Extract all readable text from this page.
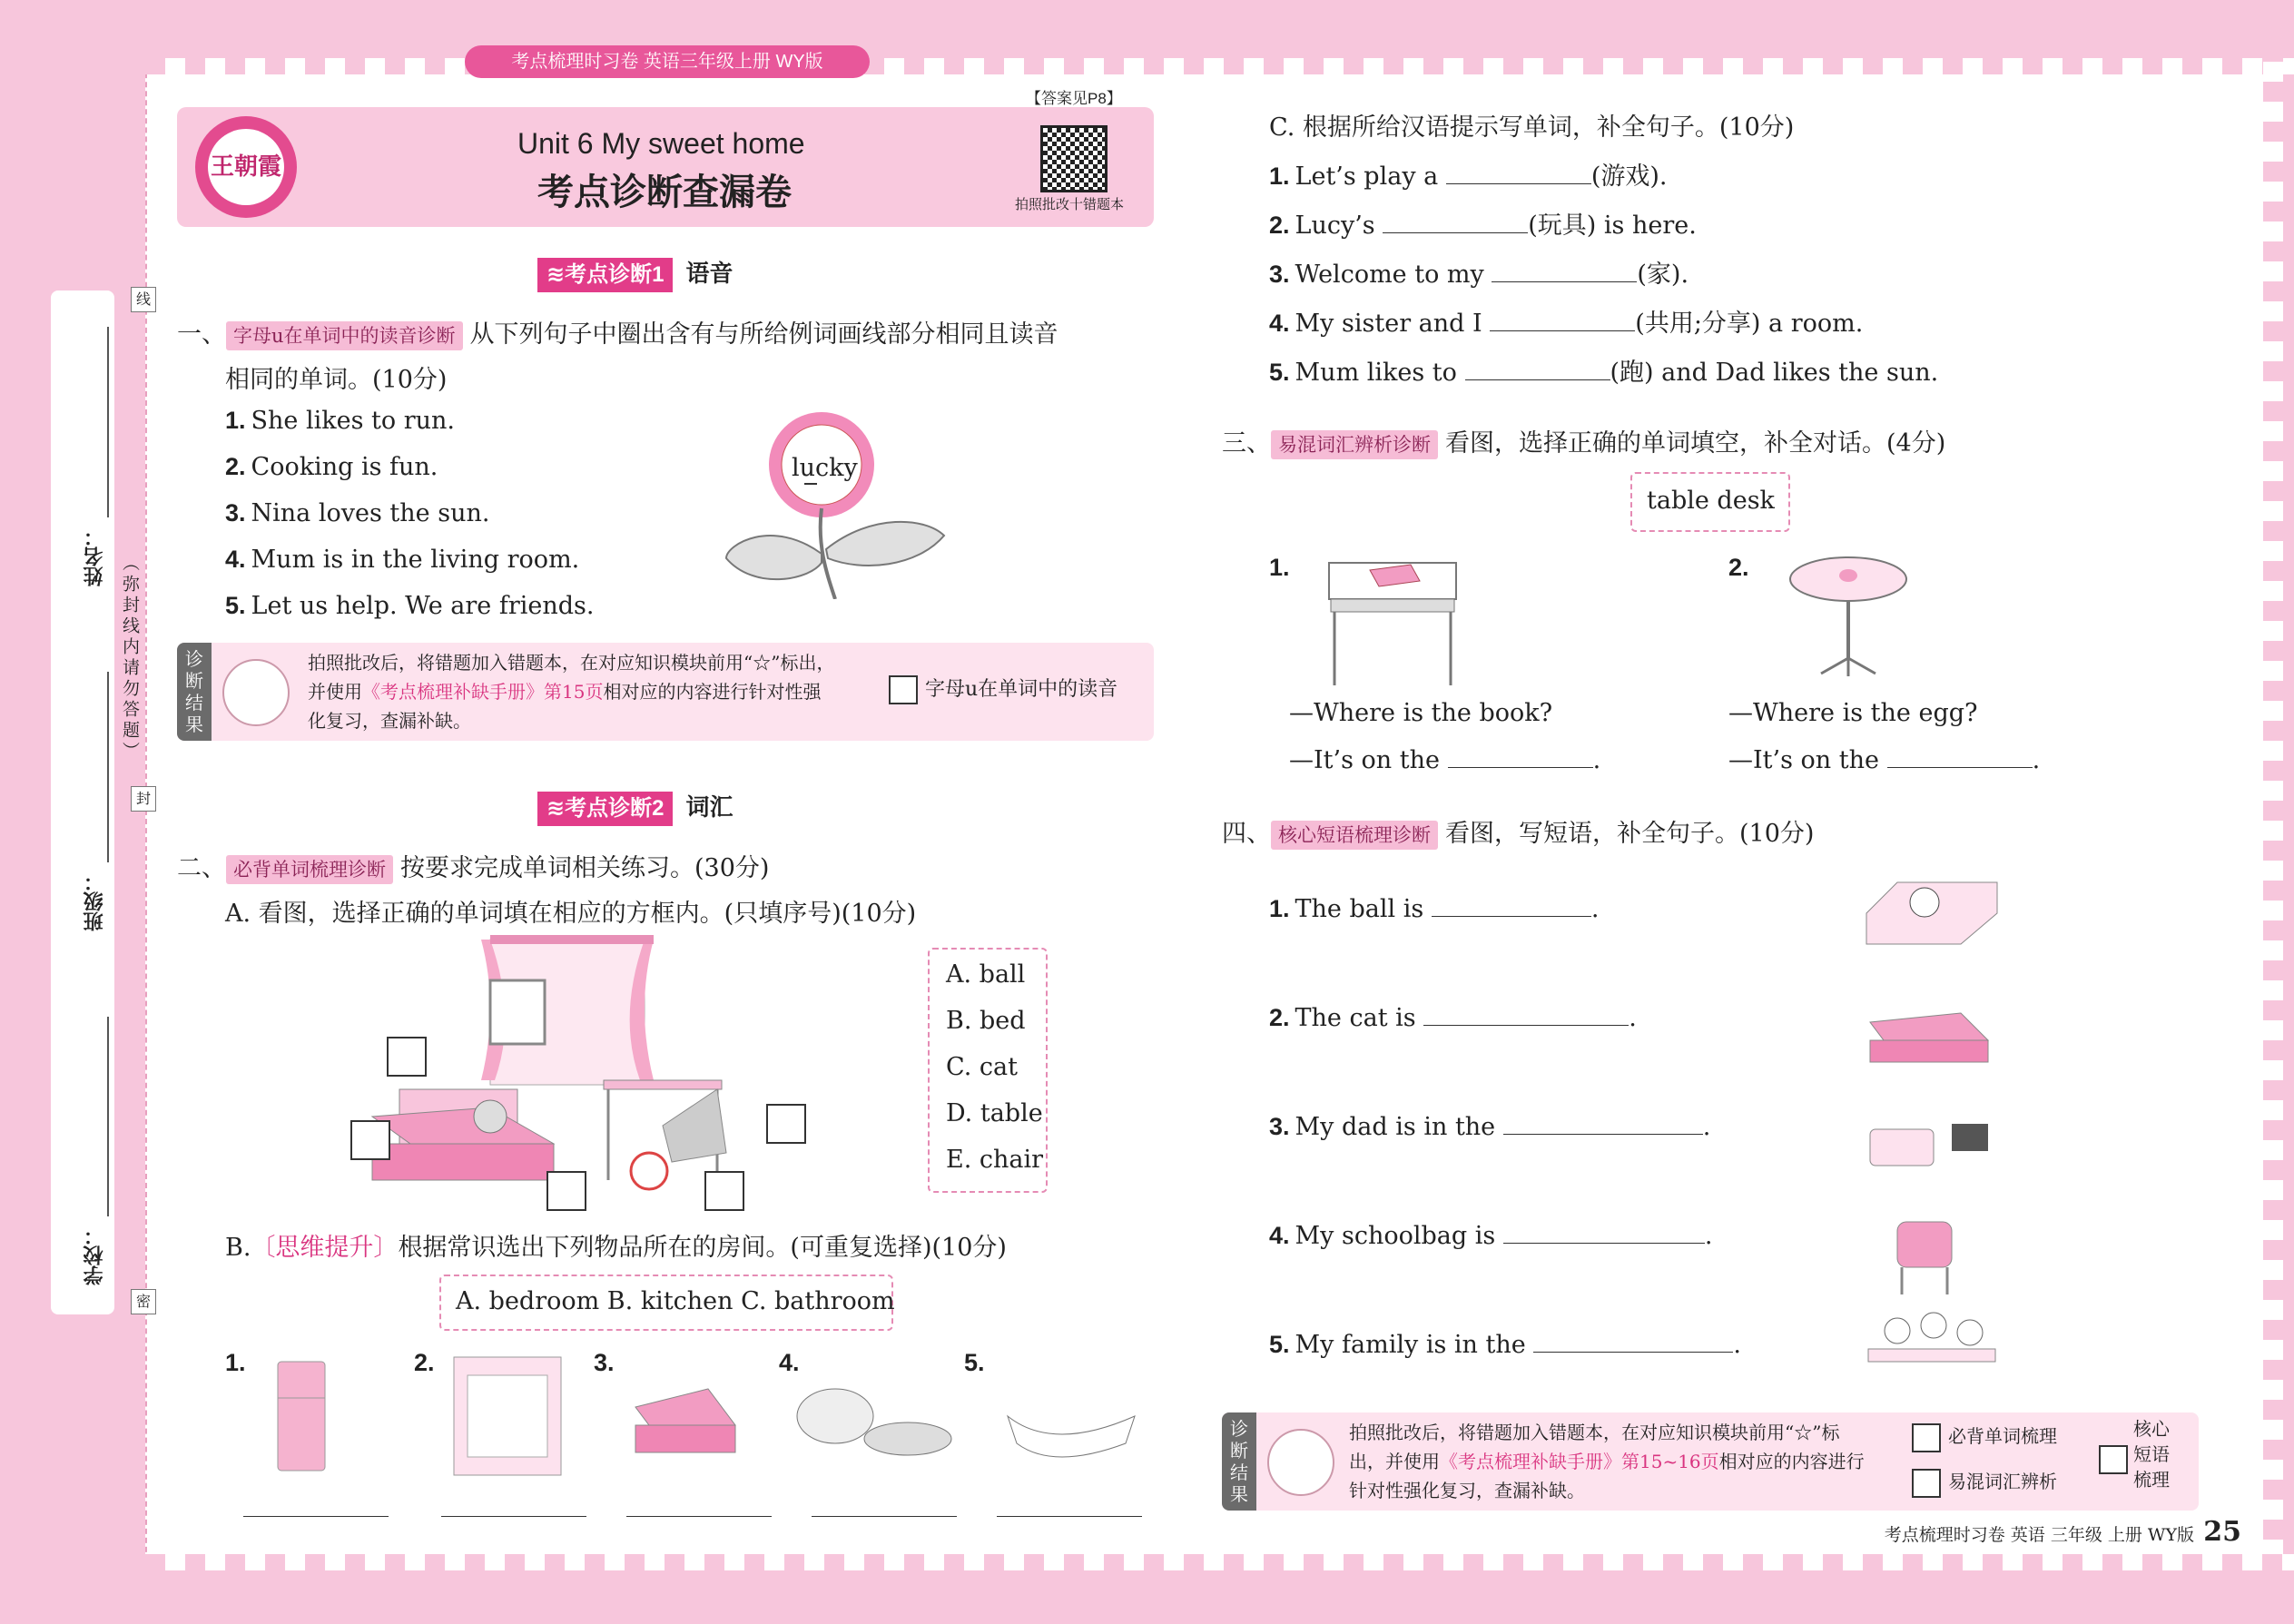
考点梳理时习卷 英语三年级上册 WY版
姓名：
班级：
学校：
线
封
密
（弥封线内请勿答题）
【答案见P8】
王朝霞
Unit 6 My sweet home
考点诊断查漏卷	拍照批改十错题本
≋考点诊断1 语音
一、 字母u在单词中的读音诊断 从下列句子中圈出含有与所给例词画线部分相同且读音
相同的单词。(10分)
1. She likes to run.
2. Cooking is fun.
3. Nina loves the sun.
4. Mum is in the living room.
5. Let us help. We are friends.
lucky
诊断结果
拍照批改后，将错题加入错题本，在对应知识模块前用“☆”标出，
并使用《考点梳理补缺手册》第15页相对应的内容进行针对性强
化复习，查漏补缺。
字母u在单词中的读音
≋考点诊断2 词汇
二、 必背单词梳理诊断 按要求完成单词相关练习。(30分)
A. 看图，选择正确的单词填在相应的方框内。(只填序号)(10分)
A. ball
B. bed
C. cat
D. table
E. chair
B.〔思维提升〕根据常识选出下列物品所在的房间。(可重复选择)(10分)
A. bedroom B. kitchen C. bathroom
1.	2.	3.	4.	5.
C. 根据所给汉语提示写单词，补全句子。(10分)
1. Let’s play a	(游戏).
2. Lucy’s	(玩具) is here.
3. Welcome to my	(家).
4. My sister and I	(共用;分享) a room.
5. Mum likes to	(跑) and Dad likes the sun.
三、 易混词汇辨析诊断 看图，选择正确的单词填空，补全对话。(4分)
table desk
1.	2.
—Where is the book?
—It’s on the	.
—Where is the egg?
—It’s on the	.
四、 核心短语梳理诊断 看图，写短语，补全句子。(10分)
1. The ball is	.
2. The cat is	.
3. My dad is in the	.
4. My schoolbag is	.
5. My family is in the	.
诊断结果
拍照批改后，将错题加入错题本，在对应知识模块前用“☆”标
出，并使用《考点梳理补缺手册》第15~16页相对应的内容进行
针对性强化复习，查漏补缺。
必背单词梳理
易混词汇辨析
核心
短语
梳理
考点梳理时习卷 英语 三年级 上册 WY版 25
